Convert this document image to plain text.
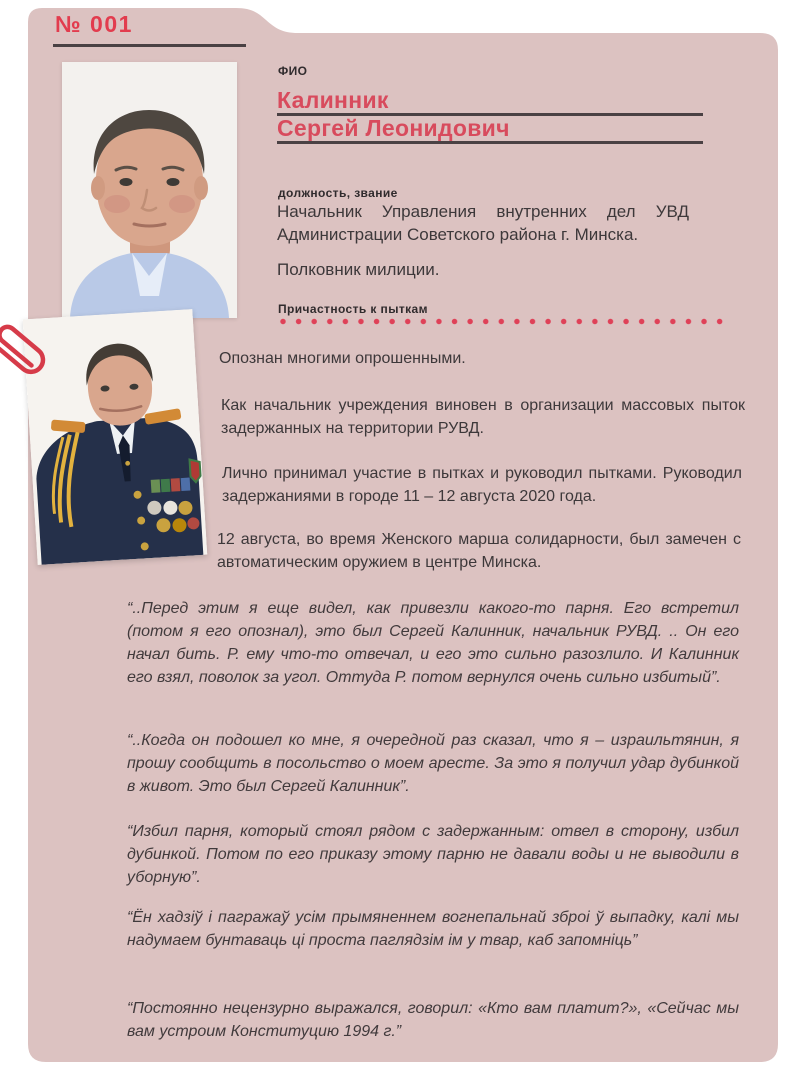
№ 001
ФИО
Калинник
Сергей Леонидович
должность, звание
Начальник Управления внутренних дел УВД Администрации Советского района г. Минска.
Полковник милиции.
Причастность к пыткам
Опознан многими опрошенными.
Как начальник учреждения виновен в организации массовых пыток задержанных на территории РУВД.
Лично принимал участие в пытках и руководил пытками. Руководил задержаниями в городе 11 – 12 августа 2020 года.
12 августа, во время Женского марша солидарности, был замечен с автоматическим оружием в центре Минска.
“..Перед этим я еще видел, как привезли какого-то парня. Его встретил (потом я его опознал), это был Сергей Калинник, начальник РУВД. .. Он его начал бить. Р. ему что-то отвечал, и его это сильно разозлило. И Калинник его взял, поволок за угол. Оттуда Р. потом вернулся очень сильно избитый”.
“..Когда он подошел ко мне, я очередной раз сказал, что я – израильтянин, я прошу сообщить в посольство о моем аресте. За это я получил удар дубинкой в живот. Это был Сергей Калинник”.
“Избил парня, который стоял рядом с задержанным: отвел в сторону, избил дубинкой. Потом по его приказу этому парню не давали воды и не выводили в уборную”.
“Ён хадзіў і пагражаў усім прымяненнем вогнепальнай зброі ў выпадку, калі мы надумаем бунтаваць ці проста паглядзім ім у твар, каб запомніць”
“Постоянно нецензурно выражался, говорил: «Кто вам платит?», «Сейчас мы вам устроим Конституцию 1994 г.”
